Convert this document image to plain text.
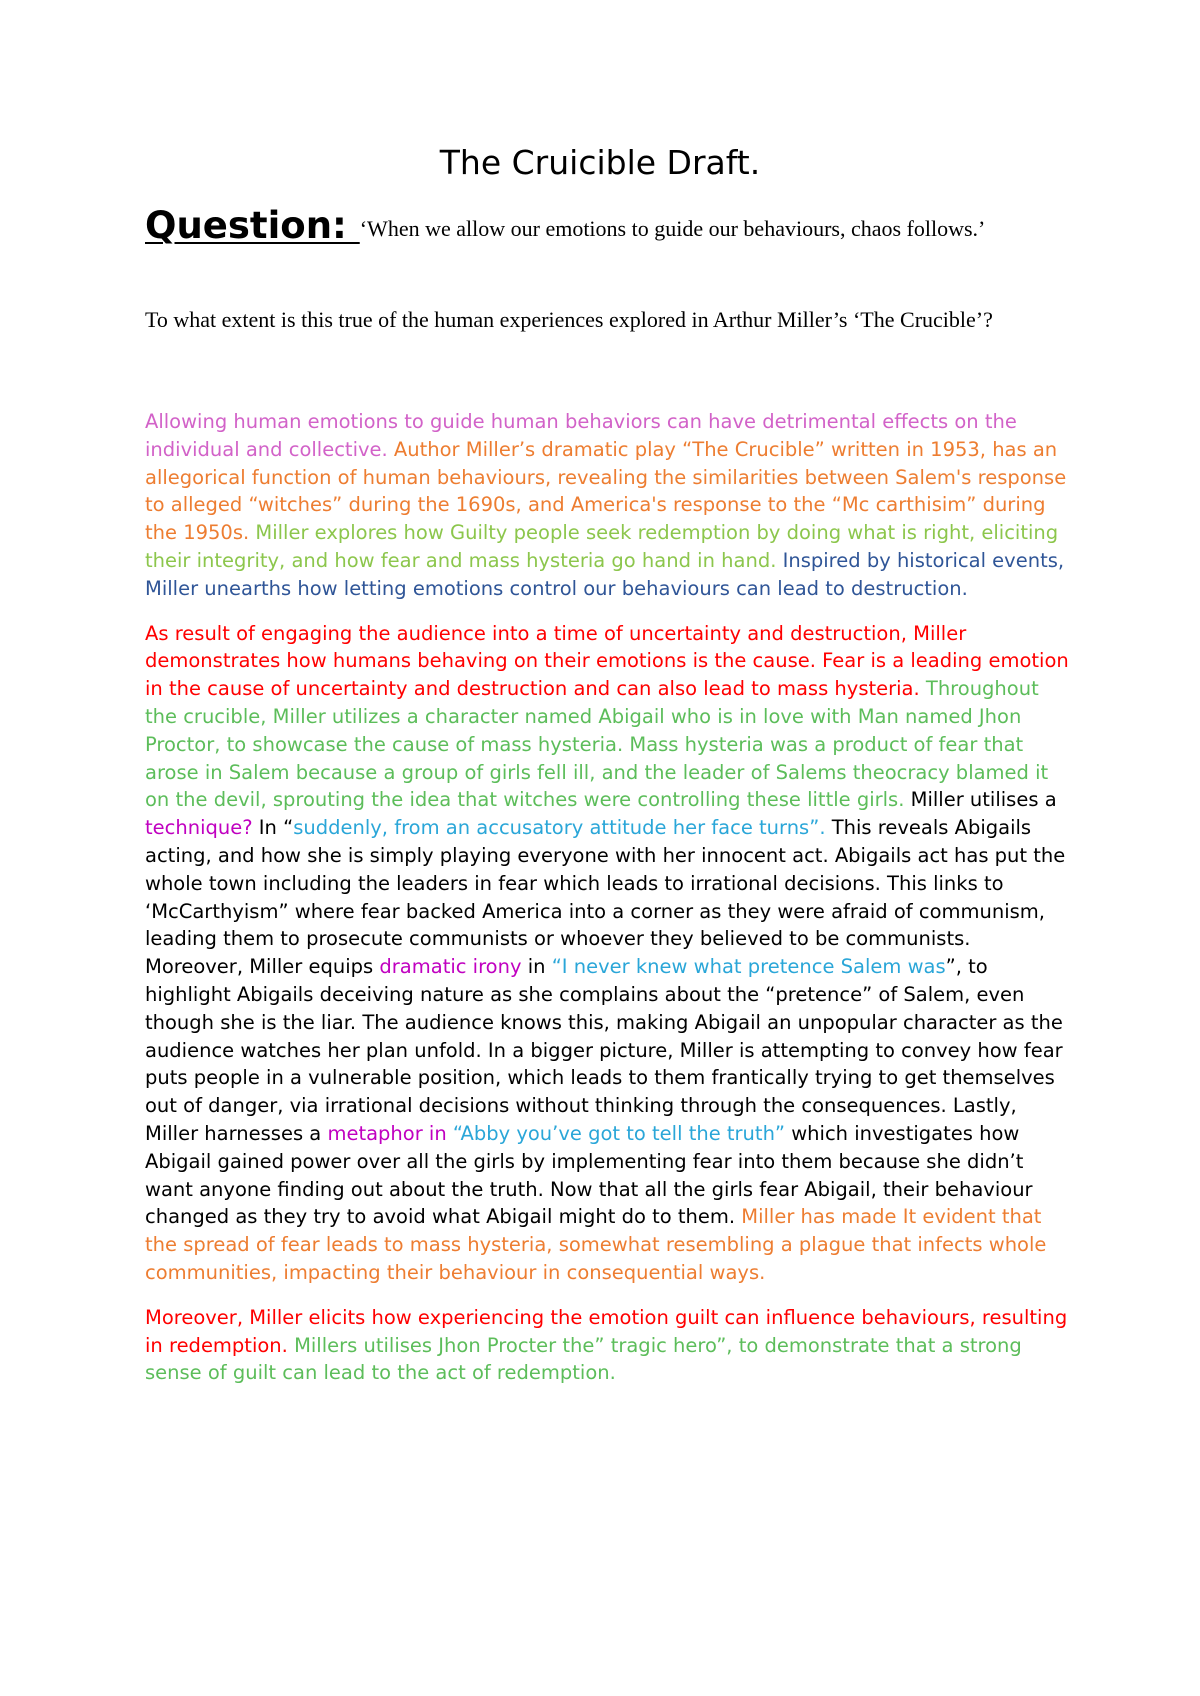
The Cruicible Draft.

Question: ‘When we allow our emotions to guide our behaviours, chaos follows.’

To what extent is this true of the human experiences explored in Arthur Miller’s ‘The Crucible’?

Allowing human emotions to guide human behaviors can have detrimental effects on the individual and collective. Author Miller’s dramatic play “The Crucible” written in 1953, has an allegorical function of human behaviours, revealing the similarities between Salem's response to alleged “witches” during the 1690s, and America's response to the “Mc carthisim” during the 1950s. Miller explores how Guilty people seek redemption by doing what is right, eliciting their integrity, and how fear and mass hysteria go hand in hand. Inspired by historical events, Miller unearths how letting emotions control our behaviours can lead to destruction.

As result of engaging the audience into a time of uncertainty and destruction, Miller demonstrates how humans behaving on their emotions is the cause. Fear is a leading emotion in the cause of uncertainty and destruction and can also lead to mass hysteria. Throughout the crucible, Miller utilizes a character named Abigail who is in love with Man named Jhon Proctor, to showcase the cause of mass hysteria. Mass hysteria was a product of fear that arose in Salem because a group of girls fell ill, and the leader of Salems theocracy blamed it on the devil, sprouting the idea that witches were controlling these little girls. Miller utilises a technique? In “suddenly, from an accusatory attitude her face turns”. This reveals Abigails acting, and how she is simply playing everyone with her innocent act. Abigails act has put the whole town including the leaders in fear which leads to irrational decisions. This links to ‘McCarthyism” where fear backed America into a corner as they were afraid of communism, leading them to prosecute communists or whoever they believed to be communists. Moreover, Miller equips dramatic irony in “I never knew what pretence Salem was”, to highlight Abigails deceiving nature as she complains about the “pretence” of Salem, even though she is the liar. The audience knows this, making Abigail an unpopular character as the audience watches her plan unfold. In a bigger picture, Miller is attempting to convey how fear puts people in a vulnerable position, which leads to them frantically trying to get themselves out of danger, via irrational decisions without thinking through the consequences. Lastly, Miller harnesses a metaphor in “Abby you’ve got to tell the truth” which investigates how Abigail gained power over all the girls by implementing fear into them because she didn’t want anyone finding out about the truth. Now that all the girls fear Abigail, their behaviour changed as they try to avoid what Abigail might do to them. Miller has made It evident that the spread of fear leads to mass hysteria, somewhat resembling a plague that infects whole communities, impacting their behaviour in consequential ways.

Moreover, Miller elicits how experiencing the emotion guilt can influence behaviours, resulting in redemption. Millers utilises Jhon Procter the” tragic hero”, to demonstrate that a strong sense of guilt can lead to the act of redemption.
